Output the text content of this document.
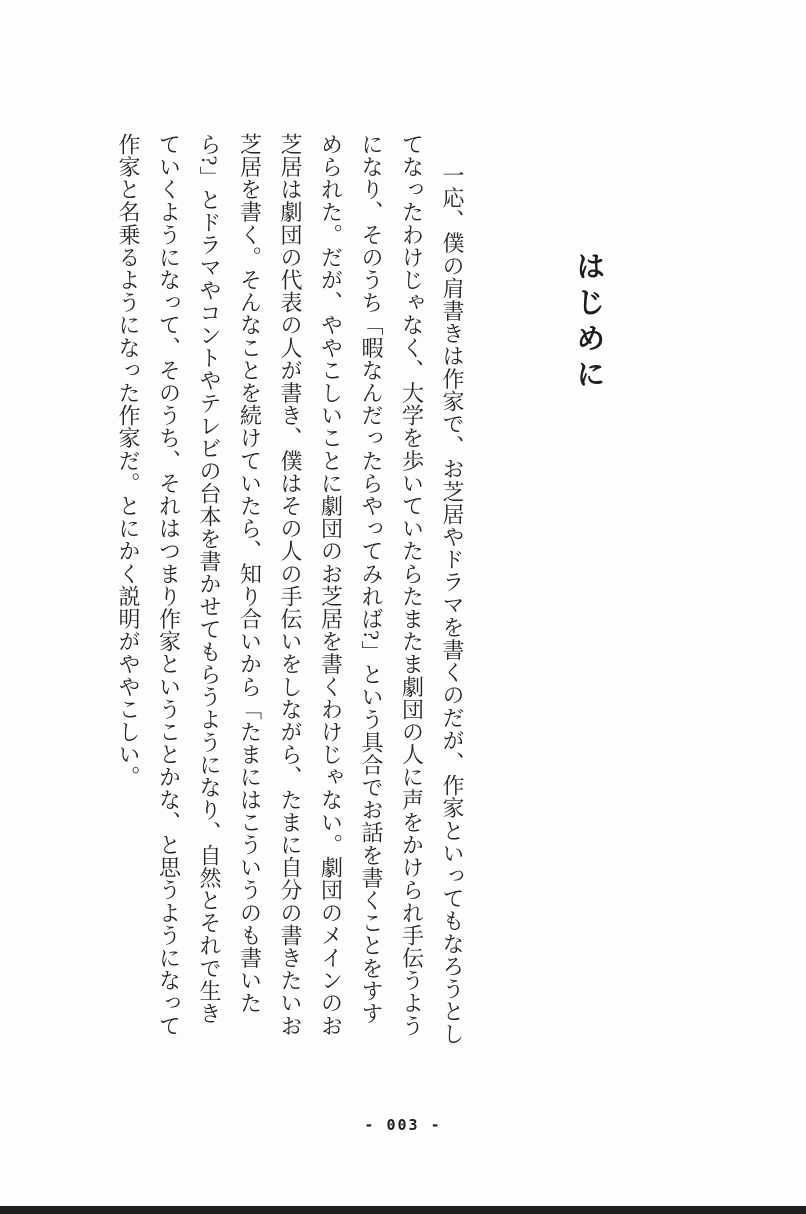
はじめに

一応、僕の肩書きは作家で、お芝居やドラマを書くのだが、作家といってもなろうとし

てなったわけじゃなく、大学を歩いていたらたまたま劇団の人に声をかけられ手伝うよう

になり、そのうち「暇なんだったらやってみれば?」という具合でお話を書くことをすす

められた。だが、ややこしいことに劇団のお芝居を書くわけじゃない。劇団のメインのお

芝居は劇団の代表の人が書き、僕はその人の手伝いをしながら、たまに自分の書きたいお

芝居を書く。そんなことを続けていたら、知り合いから「たまにはこういうのも書いた

ら?」とドラマやコントやテレビの台本を書かせてもらうようになり、自然とそれで生き

ていくようになって、そのうち、それはつまり作家ということかな、と思うようになって

作家と名乗るようになった作家だ。とにかく説明がややこしい。

- 003 -
